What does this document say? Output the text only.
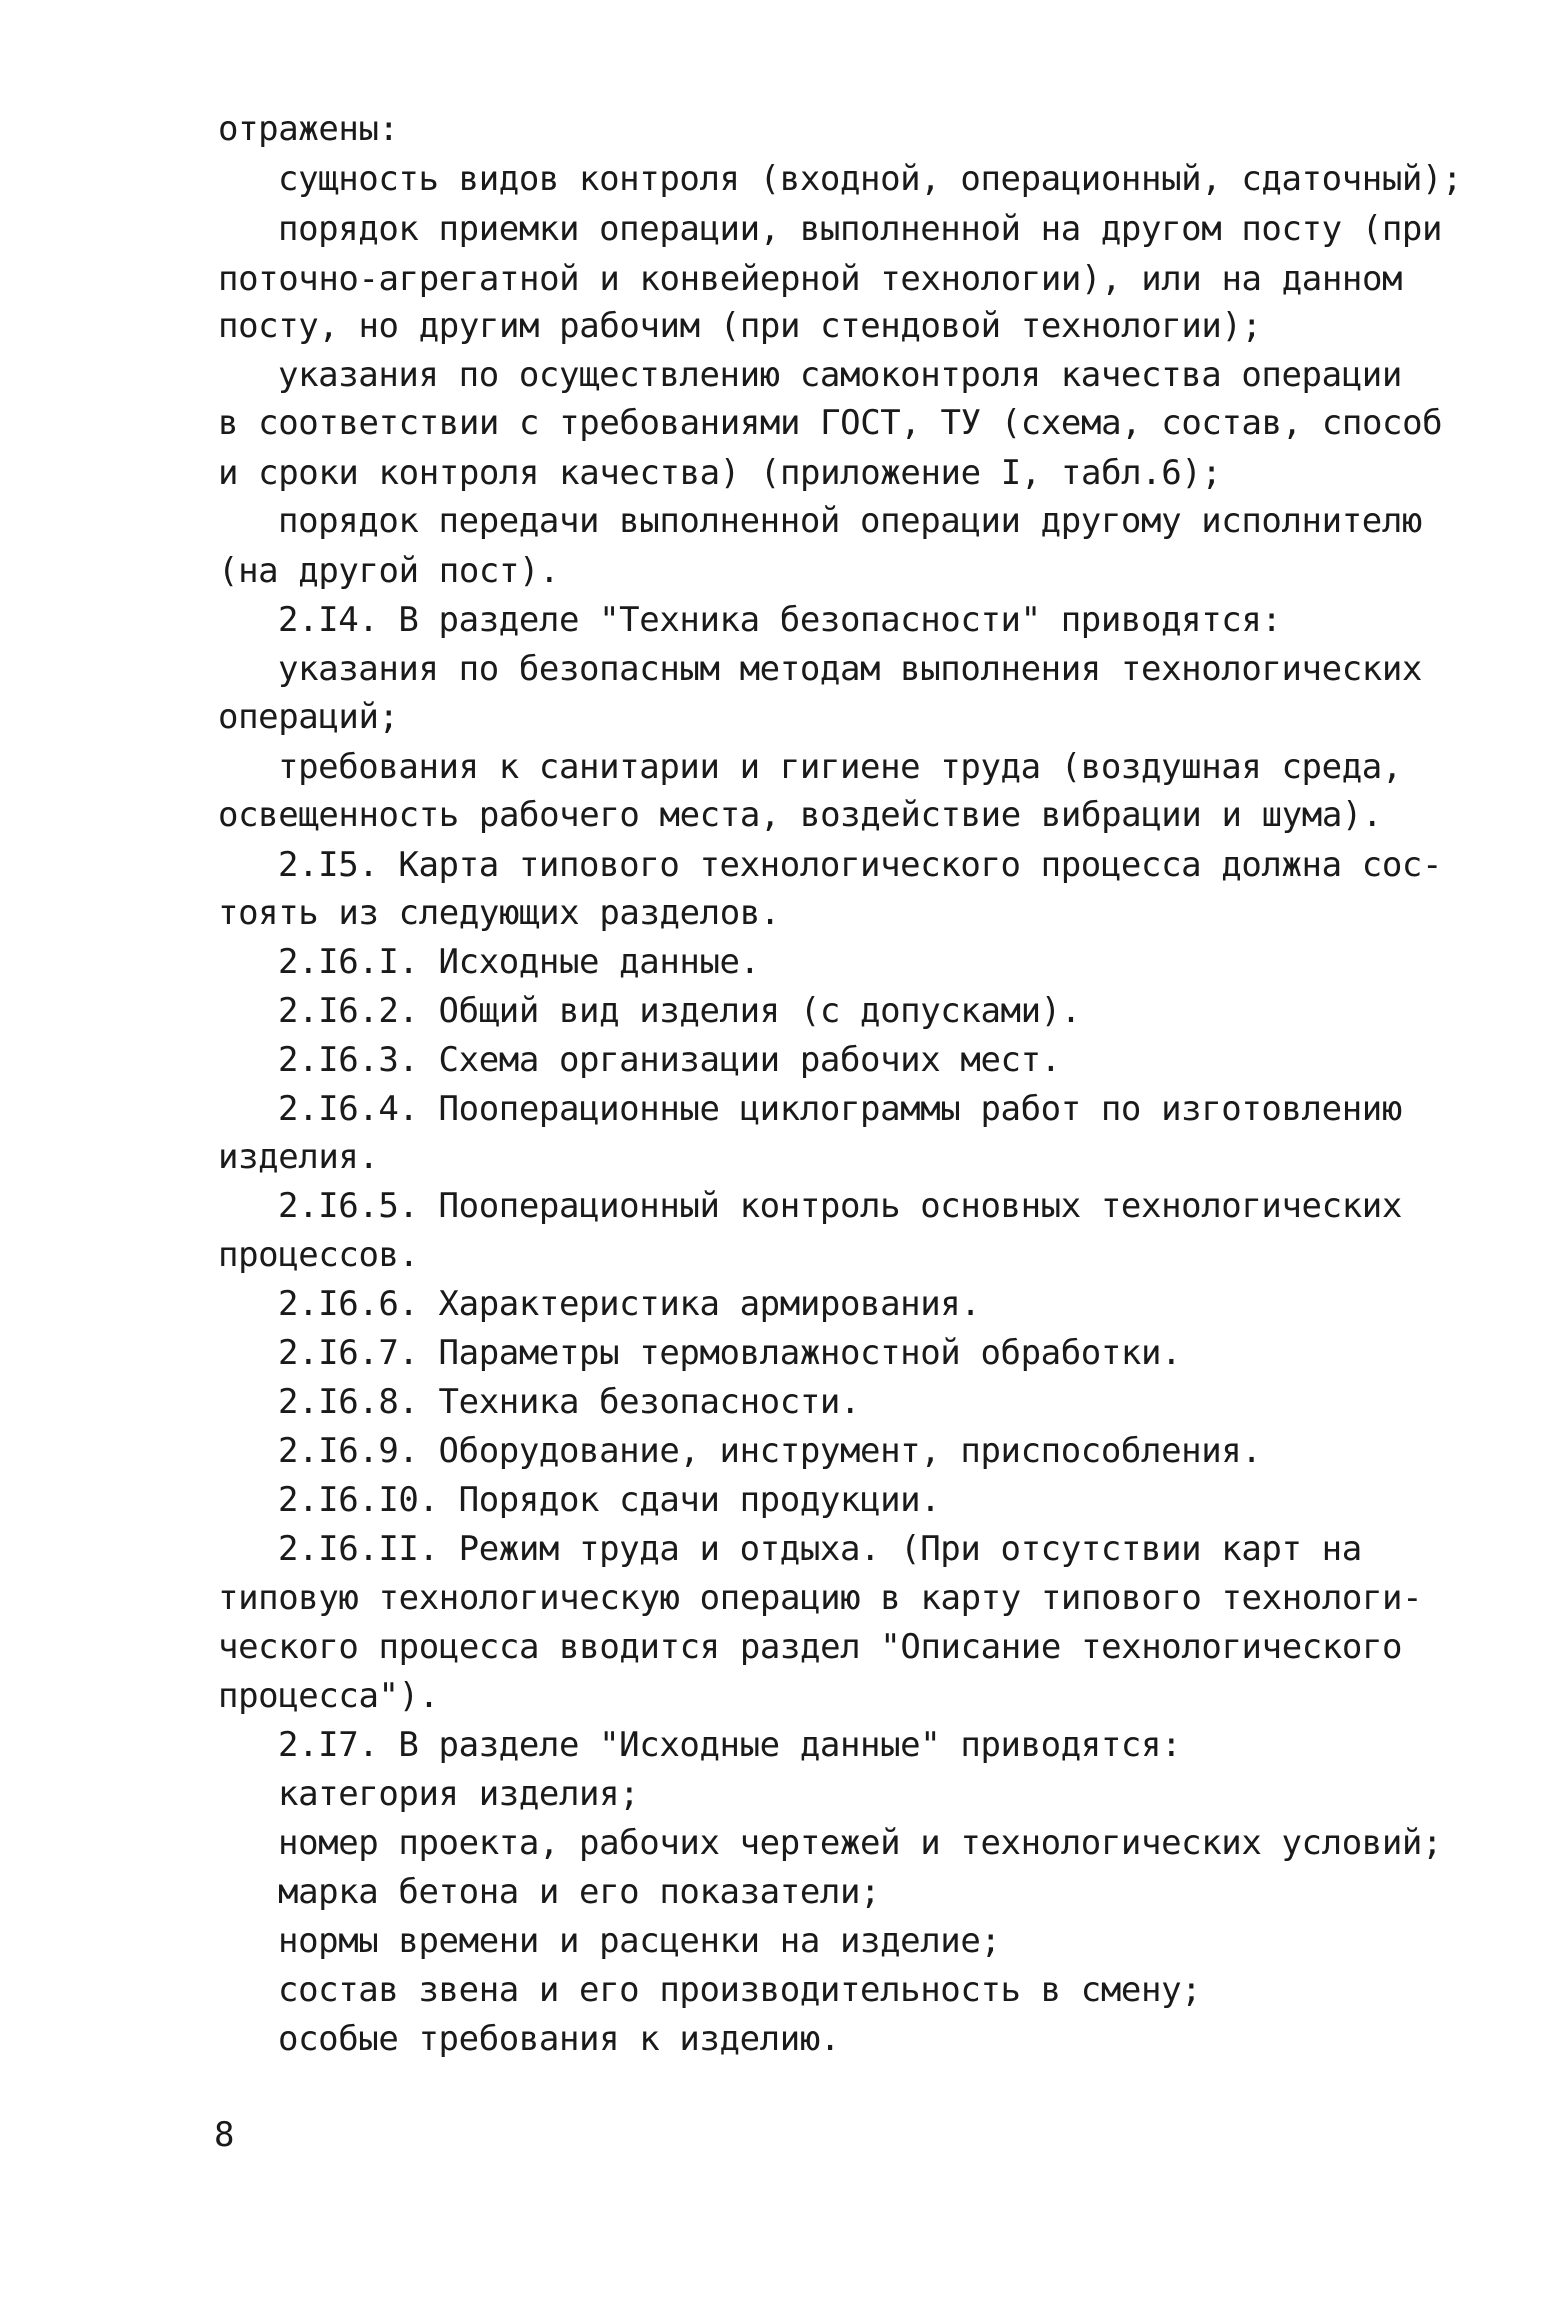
отражены:
сущность видов контроля (входной, операционный, сдаточный);
порядок приемки операции, выполненной на другом посту (при
поточно-агрегатной и конвейерной технологии), или на данном
посту, но другим рабочим (при стендовой технологии);
указания по осуществлению самоконтроля качества операции
в соответствии с требованиями ГОСТ, ТУ (схема, состав, способ
и сроки контроля качества) (приложение I, табл.6);
порядок передачи выполненной операции другому исполнителю
(на другой пост).
2.I4. В разделе "Техника безопасности" приводятся:
указания по безопасным методам выполнения технологических
операций;
требования к санитарии и гигиене труда (воздушная среда,
освещенность рабочего места, воздействие вибрации и шума).
2.I5. Карта типового технологического процесса должна сос-
тоять из следующих разделов.
2.I6.I. Исходные данные.
2.I6.2. Общий вид изделия (с допусками).
2.I6.3. Схема организации рабочих мест.
2.I6.4. Пооперационные циклограммы работ по изготовлению
изделия.
2.I6.5. Пооперационный контроль основных технологических
процессов.
2.I6.6. Характеристика армирования.
2.I6.7. Параметры термовлажностной обработки.
2.I6.8. Техника безопасности.
2.I6.9. Оборудование, инструмент, приспособления.
2.I6.I0. Порядок сдачи продукции.
2.I6.II. Режим труда и отдыха. (При отсутствии карт на
типовую технологическую операцию в карту типового технологи-
ческого процесса вводится раздел "Описание технологического
процесса").
2.I7. В разделе "Исходные данные" приводятся:
категория изделия;
номер проекта, рабочих чертежей и технологических условий;
марка бетона и его показатели;
нормы времени и расценки на изделие;
состав звена и его производительность в смену;
особые требования к изделию.
8
